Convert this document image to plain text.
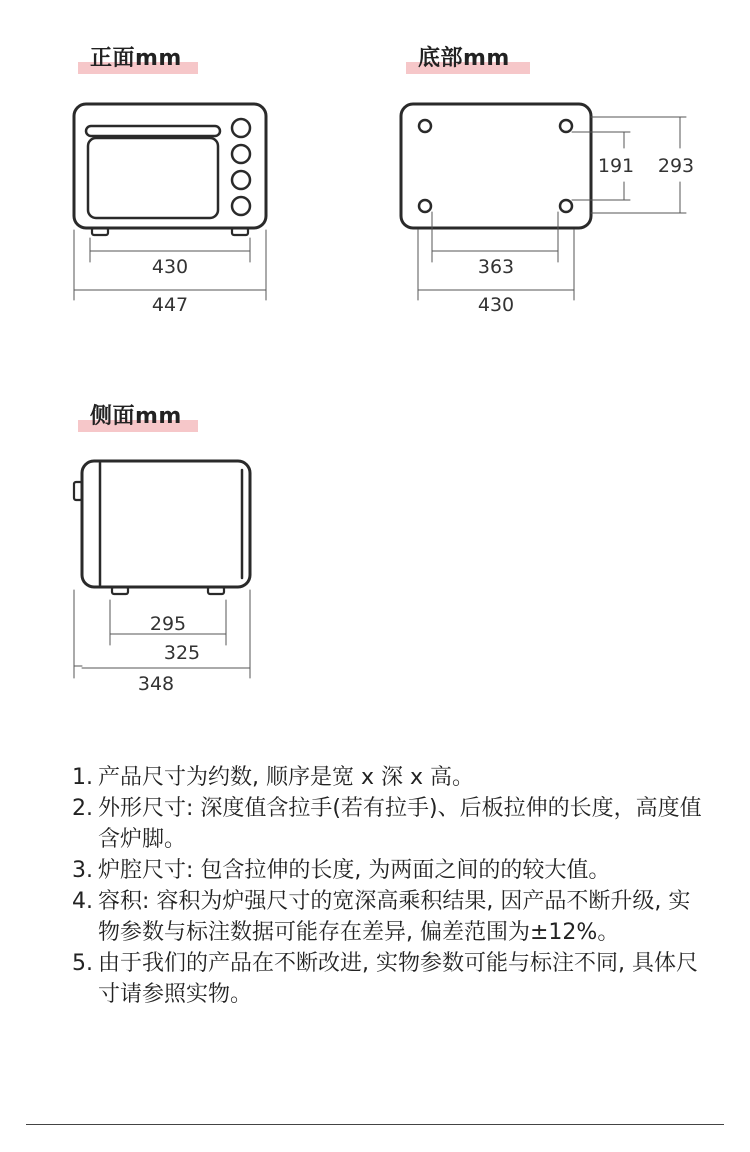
正面mm	底部mm
侧面mm
430
447
191 293
363
430
295
325
348
1. 产品尺寸为约数, 顺序是宽 x 深 x 高。
2. 外形尺寸: 深度值含拉手(若有拉手)、后板拉伸的长度，高度值含炉脚。
3. 炉腔尺寸: 包含拉伸的长度, 为两面之间的的较大值。
4. 容积: 容积为炉强尺寸的宽深高乘积结果, 因产品不断升级, 实物参数与标注数据可能存在差异, 偏差范围为±12%。
5. 由于我们的产品在不断改进, 实物参数可能与标注不同, 具体尺寸请参照实物。
